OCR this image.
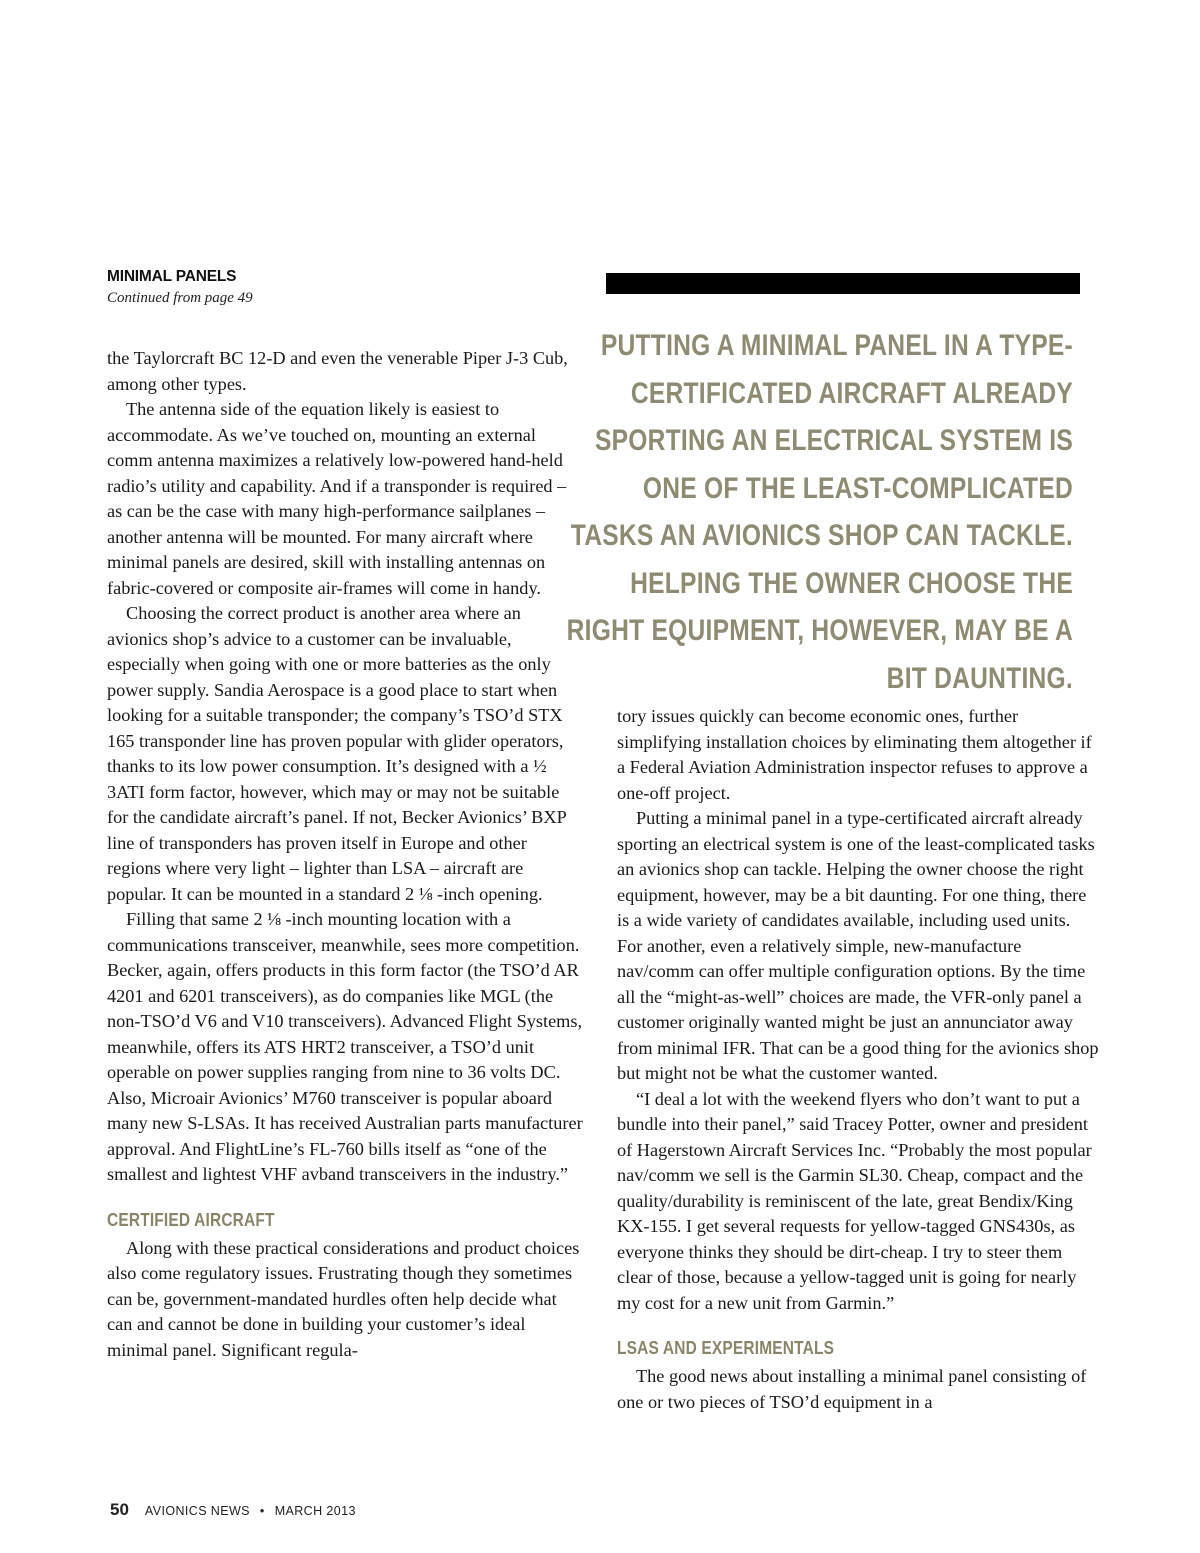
MINIMAL PANELS
Continued from page 49
PUTTING A MINIMAL PANEL IN A TYPE-CERTIFICATED AIRCRAFT ALREADY SPORTING AN ELECTRICAL SYSTEM IS ONE OF THE LEAST-COMPLICATED TASKS AN AVIONICS SHOP CAN TACKLE. HELPING THE OWNER CHOOSE THE RIGHT EQUIPMENT, HOWEVER, MAY BE A BIT DAUNTING.

the Taylorcraft BC 12-D and even the venerable Piper J-3 Cub, among other types.

The antenna side of the equation likely is easiest to accommodate. As we’ve touched on, mounting an external comm antenna maximizes a relatively low-powered hand-held radio’s utility and capability. And if a transponder is required – as can be the case with many high-performance sailplanes – another antenna will be mounted. For many aircraft where minimal panels are desired, skill with installing antennas on fabric-covered or composite air-frames will come in handy.

Choosing the correct product is another area where an avionics shop’s advice to a customer can be invaluable, especially when going with one or more batteries as the only power supply. Sandia Aerospace is a good place to start when looking for a suitable transponder; the company’s TSO’d STX 165 transponder line has proven popular with glider operators, thanks to its low power consumption. It’s designed with a ½ 3ATI form factor, however, which may or may not be suitable for the candidate aircraft’s panel. If not, Becker Avionics’ BXP line of transponders has proven itself in Europe and other regions where very light – lighter than LSA – aircraft are popular. It can be mounted in a standard 2 ⅛ -inch opening.

Filling that same 2 ⅛ -inch mounting location with a communications transceiver, meanwhile, sees more competition. Becker, again, offers products in this form factor (the TSO’d AR 4201 and 6201 transceivers), as do companies like MGL (the non-TSO’d V6 and V10 transceivers). Advanced Flight Systems, meanwhile, offers its ATS HRT2 transceiver, a TSO’d unit operable on power supplies ranging from nine to 36 volts DC. Also, Microair Avionics’ M760 transceiver is popular aboard many new S-LSAs. It has received Australian parts manufacturer approval. And FlightLine’s FL-760 bills itself as “one of the smallest and lightest VHF avband transceivers in the industry.”

CERTIFIED AIRCRAFT

Along with these practical considerations and product choices also come regulatory issues. Frustrating though they sometimes can be, government-mandated hurdles often help decide what can and cannot be done in building your customer’s ideal minimal panel. Significant regula-

tory issues quickly can become economic ones, further simplifying installation choices by eliminating them altogether if a Federal Aviation Administration inspector refuses to approve a one-off project.

Putting a minimal panel in a type-certificated aircraft already sporting an electrical system is one of the least-complicated tasks an avionics shop can tackle. Helping the owner choose the right equipment, however, may be a bit daunting. For one thing, there is a wide variety of candidates available, including used units. For another, even a relatively simple, new-manufacture nav/comm can offer multiple configuration options. By the time all the “might-as-well” choices are made, the VFR-only panel a customer originally wanted might be just an annunciator away from minimal IFR. That can be a good thing for the avionics shop but might not be what the customer wanted.

“I deal a lot with the weekend flyers who don’t want to put a bundle into their panel,” said Tracey Potter, owner and president of Hagerstown Aircraft Services Inc. “Probably the most popular nav/comm we sell is the Garmin SL30. Cheap, compact and the quality/durability is reminiscent of the late, great Bendix/King KX-155. I get several requests for yellow-tagged GNS430s, as everyone thinks they should be dirt-cheap. I try to steer them clear of those, because a yellow-tagged unit is going for nearly my cost for a new unit from Garmin.”

LSAS AND EXPERIMENTALS

The good news about installing a minimal panel consisting of one or two pieces of TSO’d equipment in a

50 AVIONICS NEWS • MARCH 2013
